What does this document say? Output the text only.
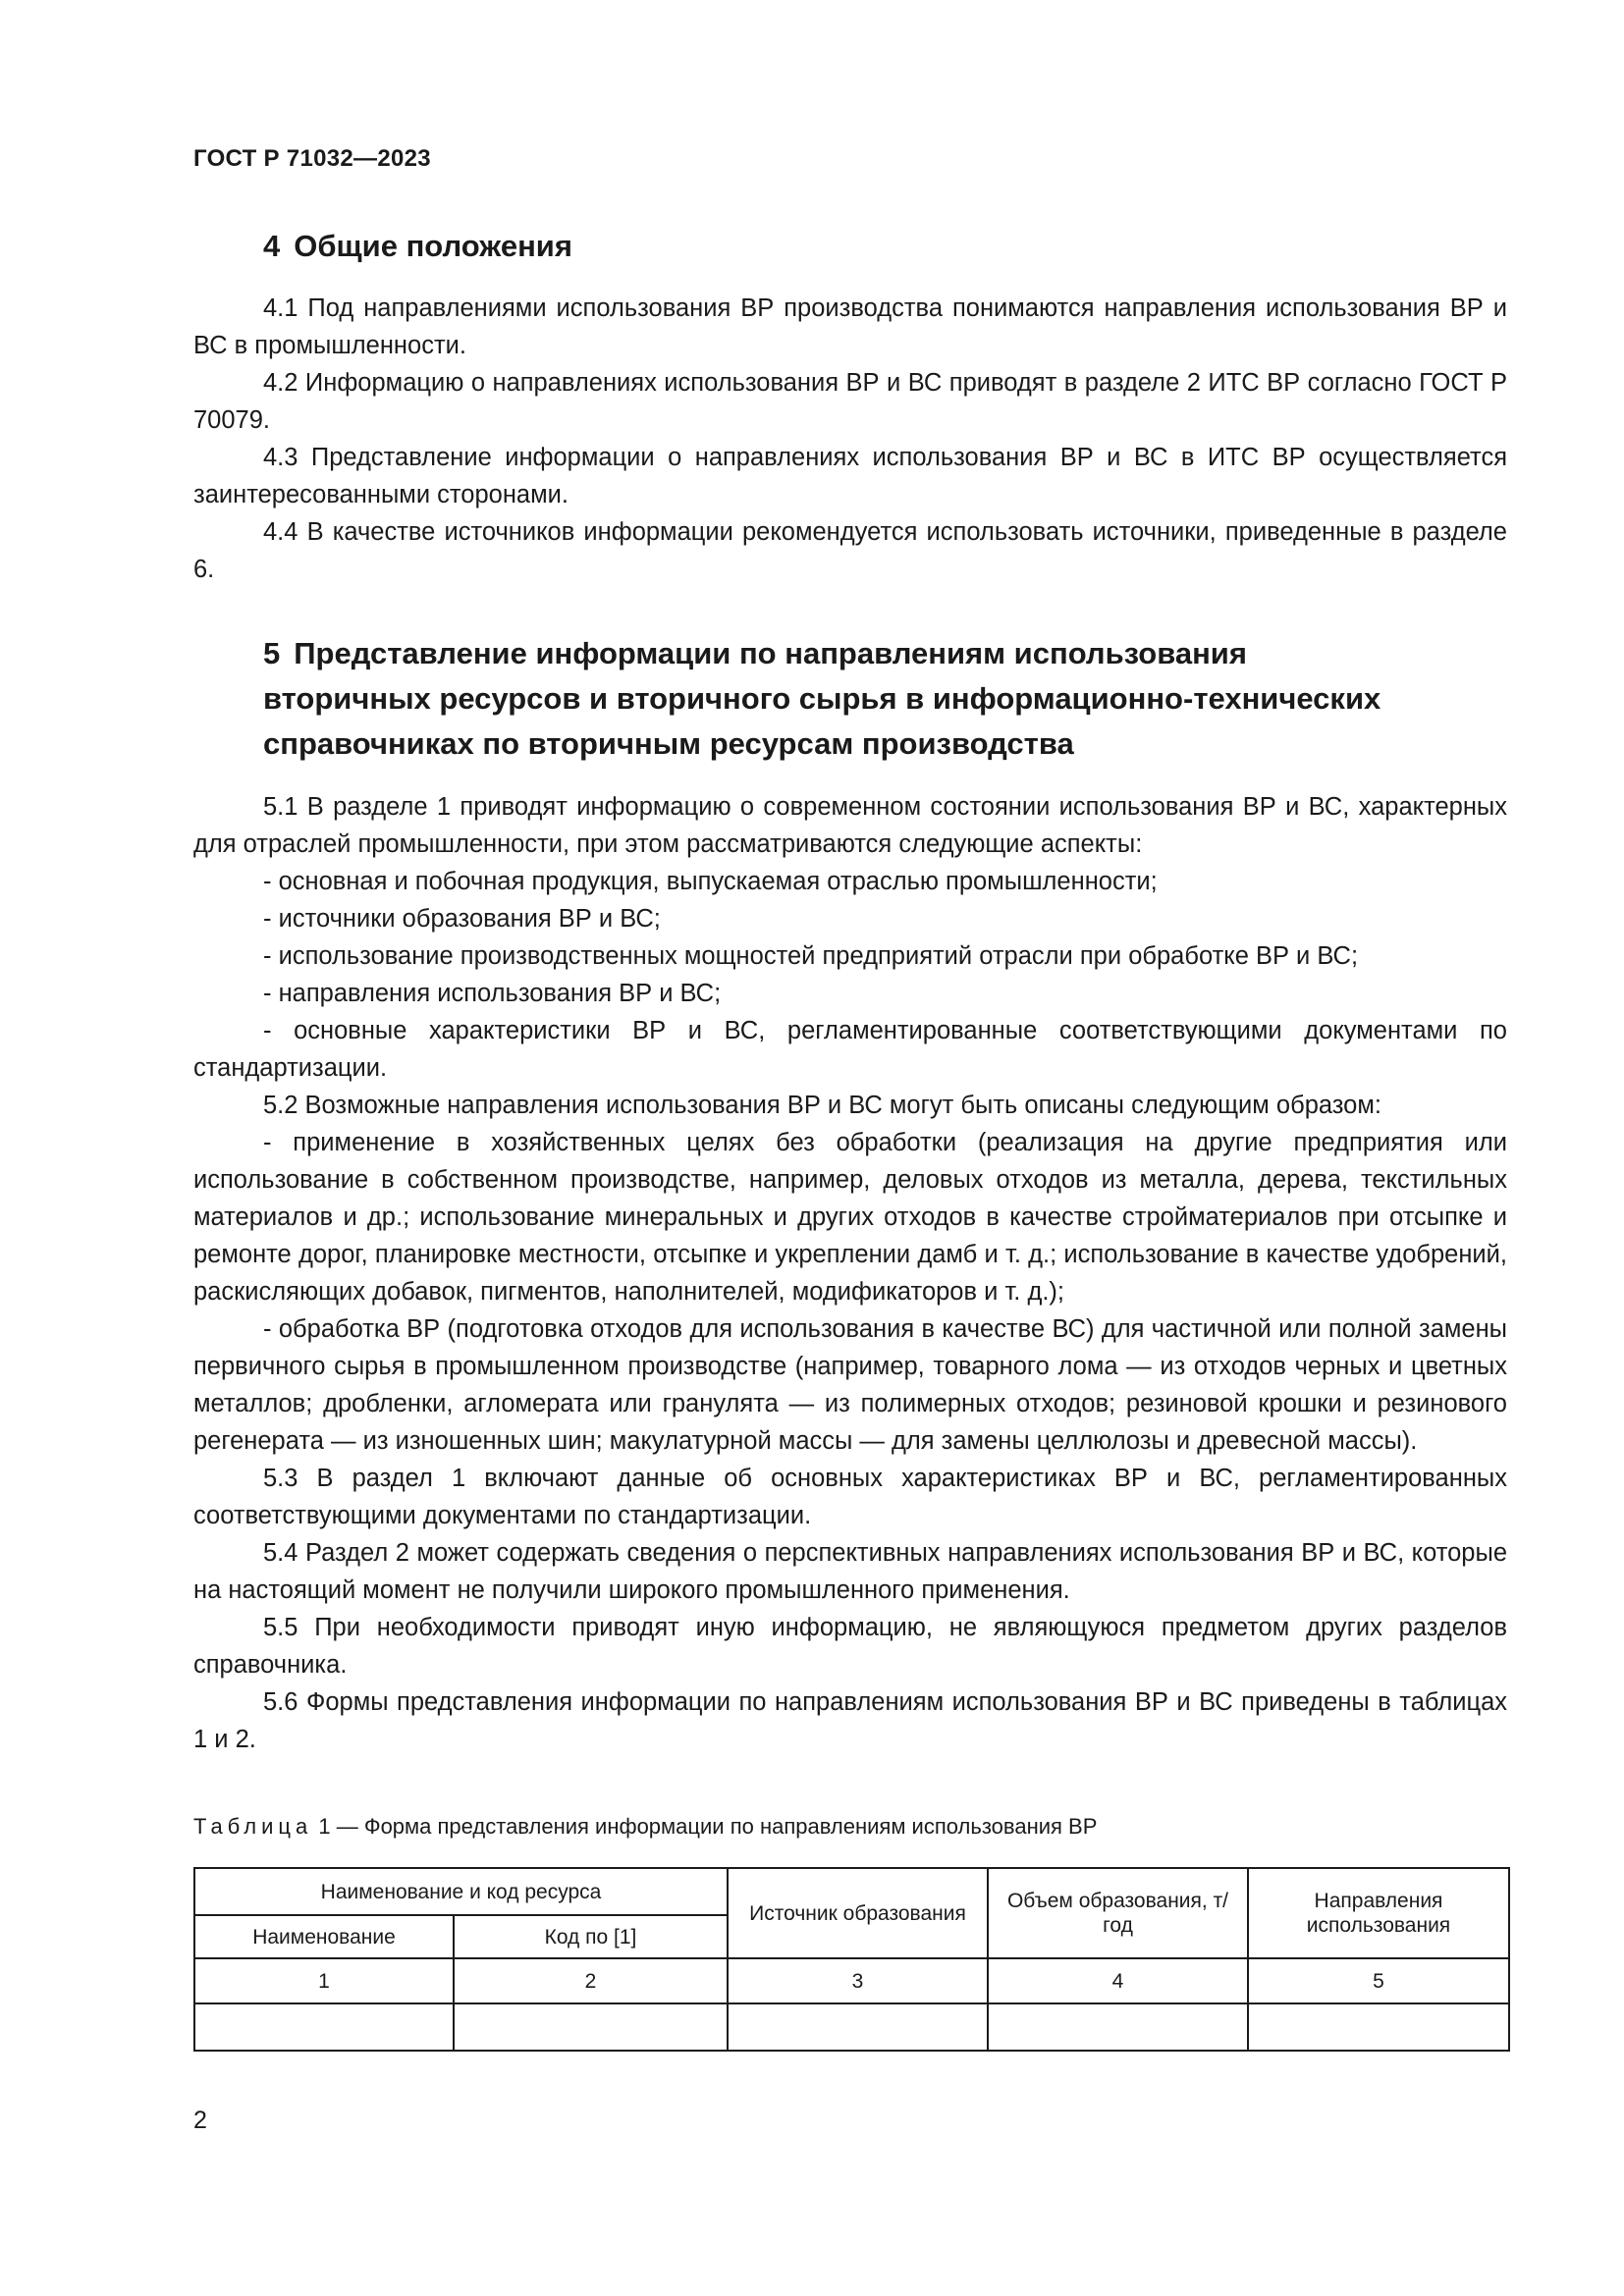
ГОСТ Р 71032—2023
4 Общие положения

4.1 Под направлениями использования ВР производства понимаются направления использования ВР и ВС в промышленности.

4.2 Информацию о направлениях использования ВР и ВС приводят в разделе 2 ИТС ВР согласно ГОСТ Р 70079.

4.3 Представление информации о направлениях использования ВР и ВС в ИТС ВР осуществляется заинтересованными сторонами.

4.4 В качестве источников информации рекомендуется использовать источники, приведенные в разделе 6.

5 Представление информации по направлениям использования
вторичных ресурсов и вторичного сырья в информационно-технических
справочниках по вторичным ресурсам производства

5.1 В разделе 1 приводят информацию о современном состоянии использования ВР и ВС, характерных для отраслей промышленности, при этом рассматриваются следующие аспекты:

- основная и побочная продукция, выпускаемая отраслью промышленности;

- источники образования ВР и ВС;

- использование производственных мощностей предприятий отрасли при обработке ВР и ВС;

- направления использования ВР и ВС;

- основные характеристики ВР и ВС, регламентированные соответствующими документами по стандартизации.

5.2 Возможные направления использования ВР и ВС могут быть описаны следующим образом:

- применение в хозяйственных целях без обработки (реализация на другие предприятия или использование в собственном производстве, например, деловых отходов из металла, дерева, текстильных материалов и др.; использование минеральных и других отходов в качестве стройматериалов при отсыпке и ремонте дорог, планировке местности, отсыпке и укреплении дамб и т. д.; использование в качестве удобрений, раскисляющих добавок, пигментов, наполнителей, модификаторов и т. д.);

- обработка ВР (подготовка отходов для использования в качестве ВС) для частичной или полной замены первичного сырья в промышленном производстве (например, товарного лома — из отходов черных и цветных металлов; дробленки, агломерата или гранулята — из полимерных отходов; резиновой крошки и резинового регенерата — из изношенных шин; макулатурной массы — для замены целлюлозы и древесной массы).

5.3 В раздел 1 включают данные об основных характеристиках ВР и ВС, регламентированных соответствующими документами по стандартизации.

5.4 Раздел 2 может содержать сведения о перспективных направлениях использования ВР и ВС, которые на настоящий момент не получили широкого промышленного применения.

5.5 При необходимости приводят иную информацию, не являющуюся предметом других разделов справочника.

5.6 Формы представления информации по направлениям использования ВР и ВС приведены в таблицах 1 и 2.

Таблица 1 — Форма представления информации по направлениям использования ВР
Наименование и код ресурса		Источник образования	Объем образования, т/год	Направления использования
Наименование	Код по [1]			
1	2	3	4	5

2
